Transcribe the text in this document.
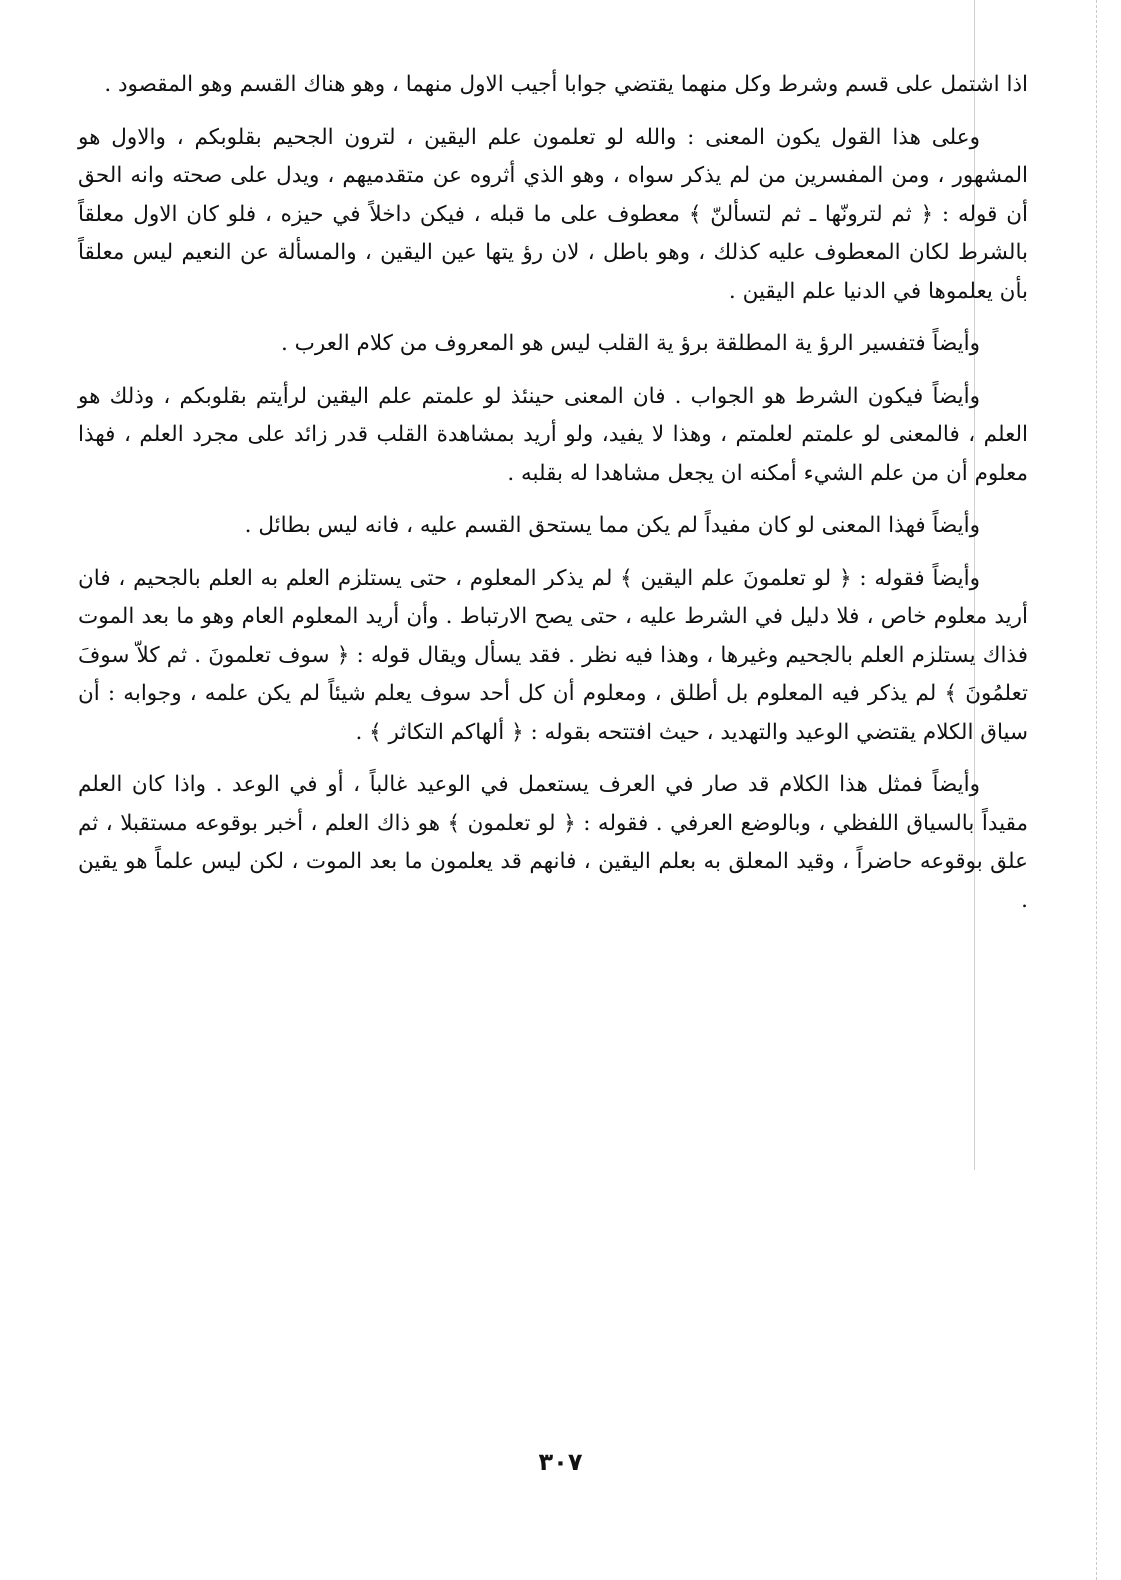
اذا اشتمل على قسم وشرط وكل منهما يقتضي جوابا أجيب الاول منهما ، وهو هناك القسم وهو المقصود .

وعلى هذا القول يكون المعنى : والله لو تعلمون علم اليقين ، لترون الجحيم بقلوبكم ، والاول هو المشهور ، ومن المفسرين من لم يذكر سواه ، وهو الذي أثروه عن متقدميهم ، ويدل على صحته وانه الحق أن قوله : ﴿ ثم لترونّها ـ ثم لتسألنّ ﴾ معطوف على ما قبله ، فيكن داخلاً في حيزه ، فلو كان الاول معلقاً بالشرط لكان المعطوف عليه كذلك ، وهو باطل ، لان رؤ يتها عين اليقين ، والمسألة عن النعيم ليس معلقاً بأن يعلموها في الدنيا علم اليقين .

وأيضاً فتفسير الرؤ ية المطلقة برؤ ية القلب ليس هو المعروف من كلام العرب .

وأيضاً فيكون الشرط هو الجواب . فان المعنى حينئذ لو علمتم علم اليقين لرأيتم بقلوبكم ، وذلك هو العلم ، فالمعنى لو علمتم لعلمتم ، وهذا لا يفيد، ولو أريد بمشاهدة القلب قدر زائد على مجرد العلم ، فهذا معلوم أن من علم الشيء أمكنه ان يجعل مشاهدا له بقلبه .

وأيضاً فهذا المعنى لو كان مفيداً لم يكن مما يستحق القسم عليه ، فانه ليس بطائل .

وأيضاً فقوله : ﴿ لو تعلمونَ علم اليقين ﴾ لم يذكر المعلوم ، حتى يستلزم العلم به العلم بالجحيم ، فان أريد معلوم خاص ، فلا دليل في الشرط عليه ، حتى يصح الارتباط . وأن أريد المعلوم العام وهو ما بعد الموت فذاك يستلزم العلم بالجحيم وغيرها ، وهذا فيه نظر . فقد يسأل ويقال قوله : ﴿ سوف تعلمونَ . ثم كلاّ سوفَ تعلمُونَ ﴾ لم يذكر فيه المعلوم بل أطلق ، ومعلوم أن كل أحد سوف يعلم شيئاً لم يكن علمه ، وجوابه : أن سياق الكلام يقتضي الوعيد والتهديد ، حيث افتتحه بقوله : ﴿ ألهاكم التكاثر ﴾ .

وأيضاً فمثل هذا الكلام قد صار في العرف يستعمل في الوعيد غالباً ، أو في الوعد . واذا كان العلم مقيداً بالسياق اللفظي ، وبالوضع العرفي . فقوله : ﴿ لو تعلمون ﴾ هو ذاك العلم ، أخبر بوقوعه مستقبلا ، ثم علق بوقوعه حاضراً ، وقيد المعلق به بعلم اليقين ، فانهم قد يعلمون ما بعد الموت ، لكن ليس علماً هو يقين .

٣٠٧
